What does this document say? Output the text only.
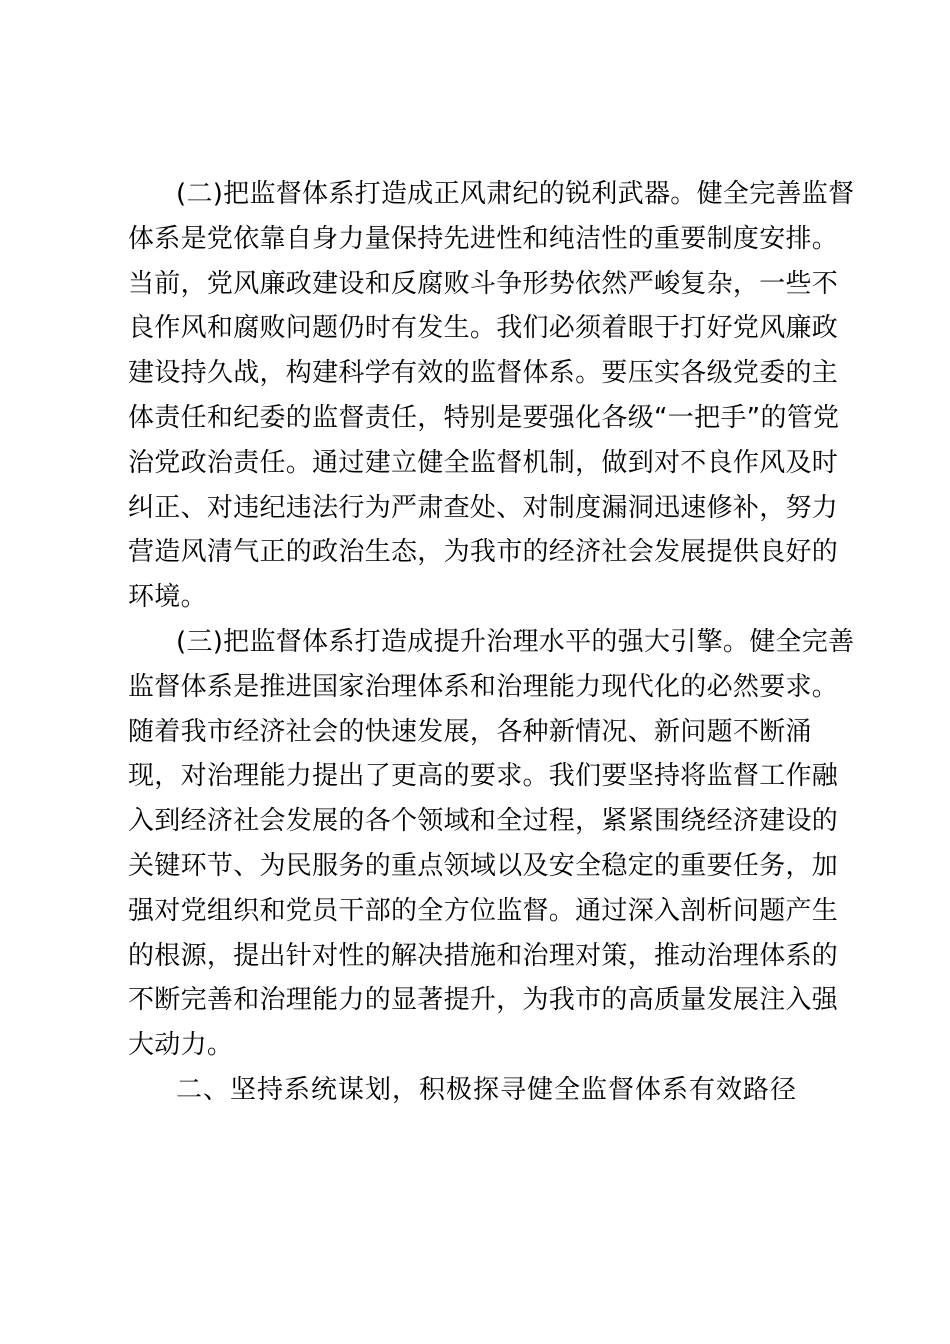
(二)把监督体系打造成正风肃纪的锐利武器。健全完善监督
体系是党依靠自身力量保持先进性和纯洁性的重要制度安排。
当前，党风廉政建设和反腐败斗争形势依然严峻复杂，一些不
良作风和腐败问题仍时有发生。我们必须着眼于打好党风廉政
建设持久战，构建科学有效的监督体系。要压实各级党委的主
体责任和纪委的监督责任，特别是要强化各级“一把手”的管党
治党政治责任。通过建立健全监督机制，做到对不良作风及时
纠正、对违纪违法行为严肃查处、对制度漏洞迅速修补，努力
营造风清气正的政治生态，为我市的经济社会发展提供良好的
环境。
(三)把监督体系打造成提升治理水平的强大引擎。健全完善
监督体系是推进国家治理体系和治理能力现代化的必然要求。
随着我市经济社会的快速发展，各种新情况、新问题不断涌
现，对治理能力提出了更高的要求。我们要坚持将监督工作融
入到经济社会发展的各个领域和全过程，紧紧围绕经济建设的
关键环节、为民服务的重点领域以及安全稳定的重要任务，加
强对党组织和党员干部的全方位监督。通过深入剖析问题产生
的根源，提出针对性的解决措施和治理对策，推动治理体系的
不断完善和治理能力的显著提升，为我市的高质量发展注入强
大动力。
二、坚持系统谋划，积极探寻健全监督体系有效路径
